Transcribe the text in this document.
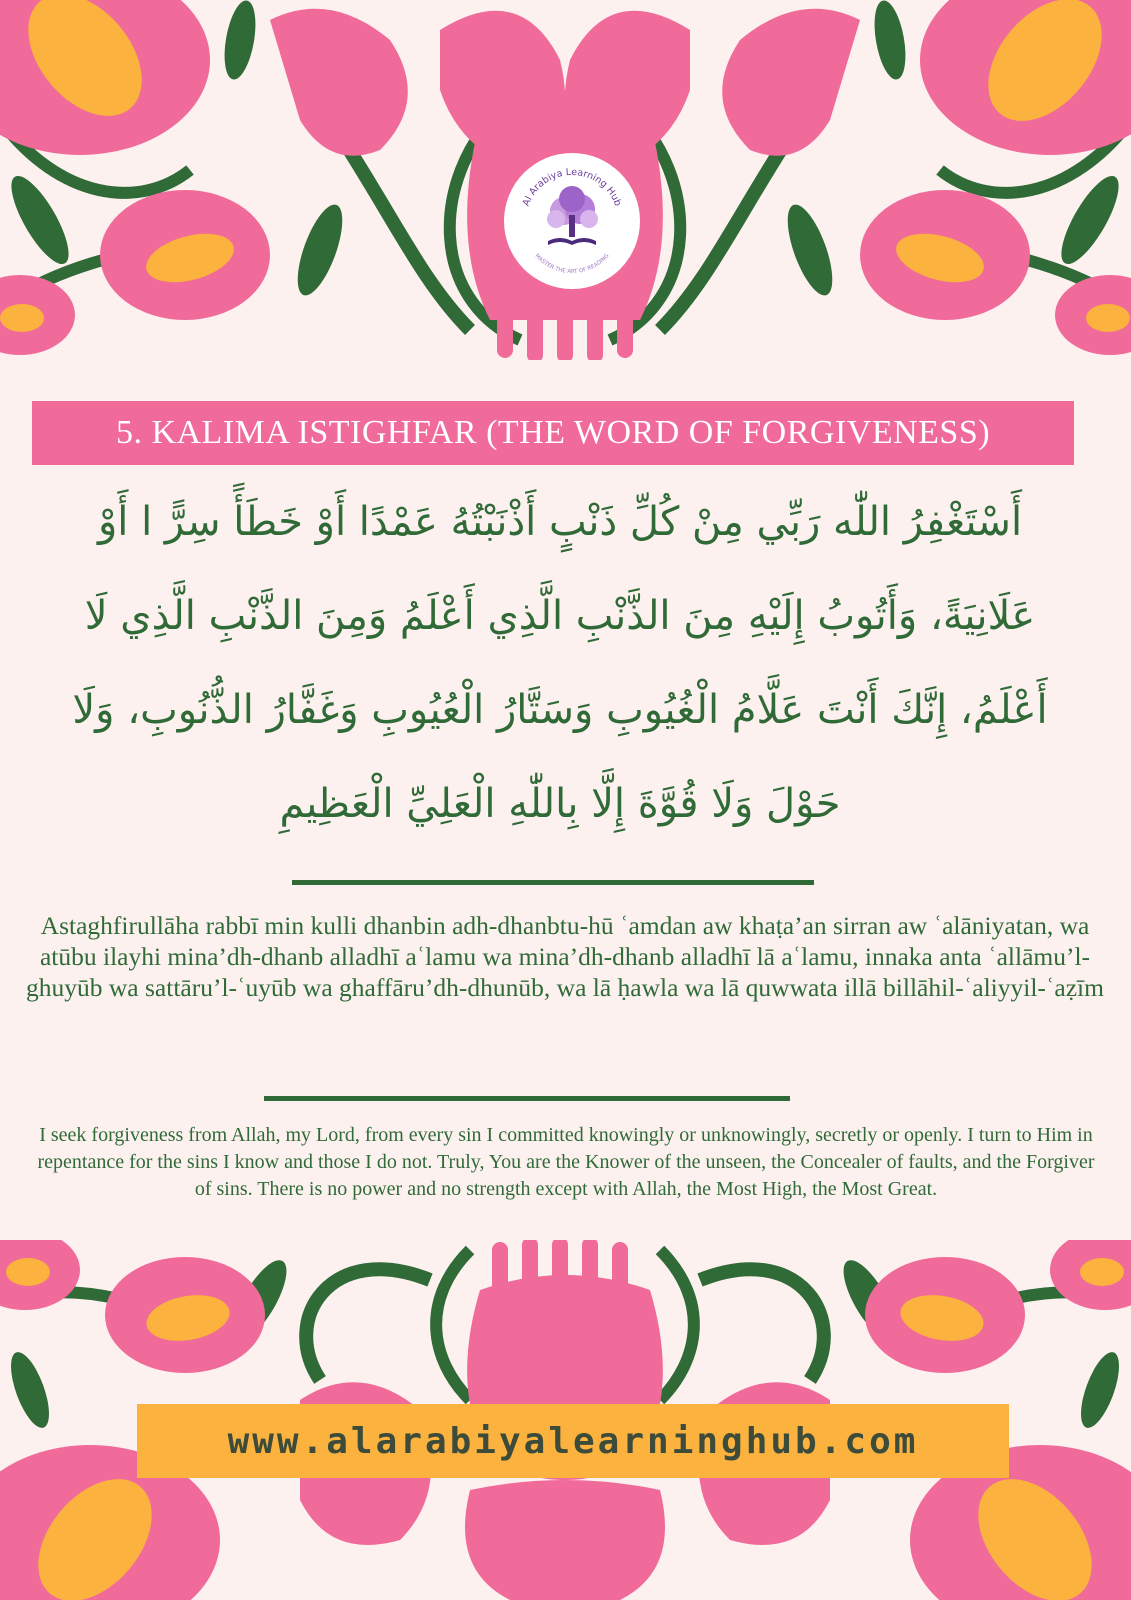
Al Arabiya Learning Hub
MASTER THE ART OF READING
5. KALIMA ISTIGHFAR (THE WORD OF FORGIVENESS)
أَسْتَغْفِرُ اللّٰه رَبِّي مِنْ كُلِّ ذَنْبٍ أَذْنَبْتُهُ عَمْدًا أَوْ خَطَأً سِرًّ ا أَوْ عَلَانِيَةً، وَأَتُوبُ إِلَيْهِ مِنَ الذَّنْبِ الَّذِي أَعْلَمُ وَمِنَ الذَّنْبِ الَّذِي لَا أَعْلَمُ، إِنَّكَ أَنْتَ عَلَّامُ الْغُيُوبِ وَسَتَّارُ الْعُيُوبِ وَغَفَّارُ الذُّنُوبِ، وَلَا حَوْلَ وَلَا قُوَّةَ إِلَّا بِاللّٰهِ الْعَلِيِّ الْعَظِيمِ
Astaghfirullāha rabbī min kulli dhanbin adh-dhanbtu-hū ʿamdan aw khaṭa’an sirran aw ʿalāniyatan, wa atūbu ilayhi mina’dh-dhanb alladhī aʿlamu wa mina’dh-dhanb alladhī lā aʿlamu, innaka anta ʿallāmu’l-ghuyūb wa sattāru’l-ʿuyūb wa ghaffāru’dh-dhunūb, wa lā ḥawla wa lā quwwata illā billāhil-ʿaliyyil-ʿaẓīm
I seek forgiveness from Allah, my Lord, from every sin I committed knowingly or unknowingly, secretly or openly. I turn to Him in repentance for the sins I know and those I do not. Truly, You are the Knower of the unseen, the Concealer of faults, and the Forgiver of sins. There is no power and no strength except with Allah, the Most High, the Most Great.
www.alarabiyalearninghub.com
